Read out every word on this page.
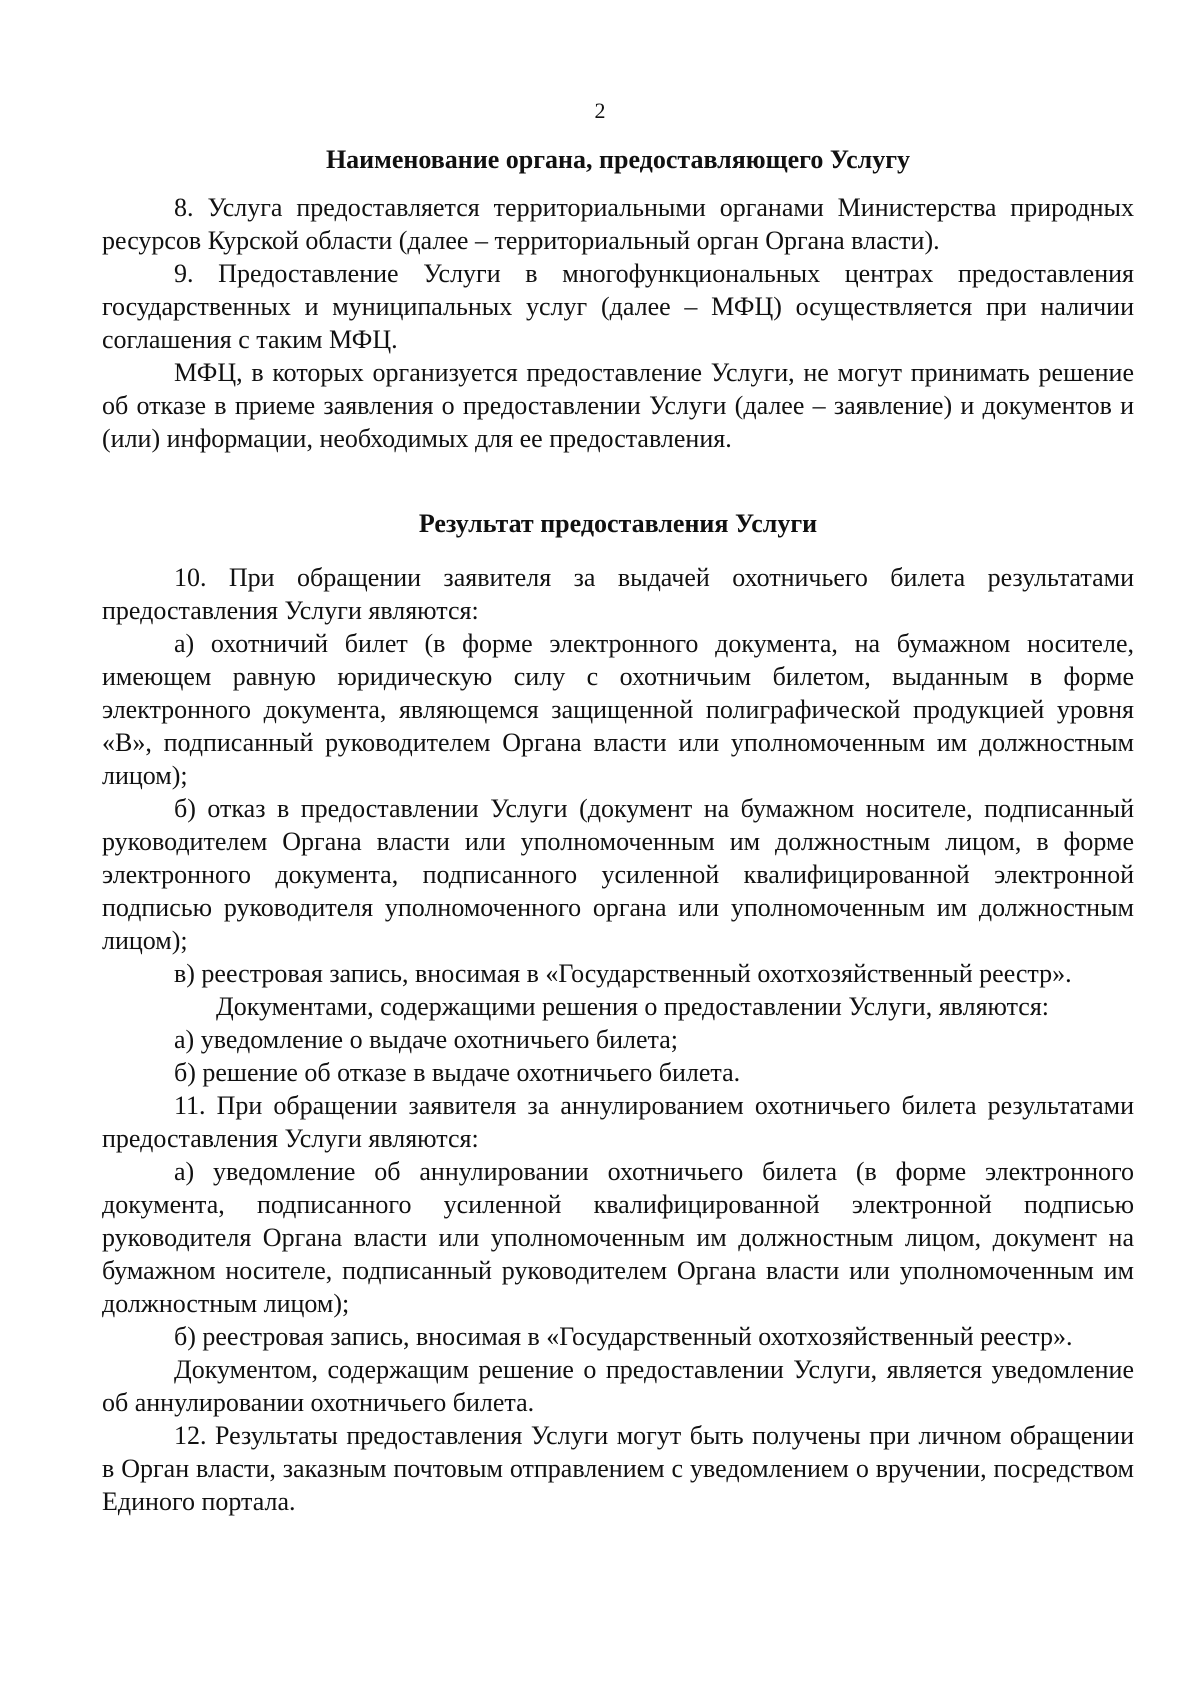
2
Наименование органа, предоставляющего Услугу

8. Услуга предоставляется территориальными органами Министерства природных ресурсов Курской области (далее – территориальный орган Органа власти).

9. Предоставление Услуги в многофункциональных центрах предоставления государственных и муниципальных услуг (далее – МФЦ) осуществляется при наличии соглашения с таким МФЦ.

МФЦ, в которых организуется предоставление Услуги, не могут принимать решение об отказе в приеме заявления о предоставлении Услуги (далее – заявление) и документов и (или) информации, необходимых для ее предоставления.

Результат предоставления Услуги

10. При обращении заявителя за выдачей охотничьего билета результатами предоставления Услуги являются:

а) охотничий билет (в форме электронного документа, на бумажном носителе, имеющем равную юридическую силу с охотничьим билетом, выданным в форме электронного документа, являющемся защищенной полиграфической продукцией уровня «В», подписанный руководителем Органа власти или уполномоченным им должностным лицом);

б) отказ в предоставлении Услуги (документ на бумажном носителе, подписанный руководителем Органа власти или уполномоченным им должностным лицом, в форме электронного документа, подписанного усиленной квалифицированной электронной подписью руководителя уполномоченного органа или уполномоченным им должностным лицом);

в) реестровая запись, вносимая в «Государственный охотхозяйственный реестр».

Документами, содержащими решения о предоставлении Услуги, являются:

а) уведомление о выдаче охотничьего билета;

б) решение об отказе в выдаче охотничьего билета.

11. При обращении заявителя за аннулированием охотничьего билета результатами предоставления Услуги являются:

а) уведомление об аннулировании охотничьего билета (в форме электронного документа, подписанного усиленной квалифицированной электронной подписью руководителя Органа власти или уполномоченным им должностным лицом, документ на бумажном носителе, подписанный руководителем Органа власти или уполномоченным им должностным лицом);

б) реестровая запись, вносимая в «Государственный охотхозяйственный реестр».

Документом, содержащим решение о предоставлении Услуги, является уведомление об аннулировании охотничьего билета.

12. Результаты предоставления Услуги могут быть получены при личном обращении в Орган власти, заказным почтовым отправлением с уведомлением о вручении, посредством Единого портала.
